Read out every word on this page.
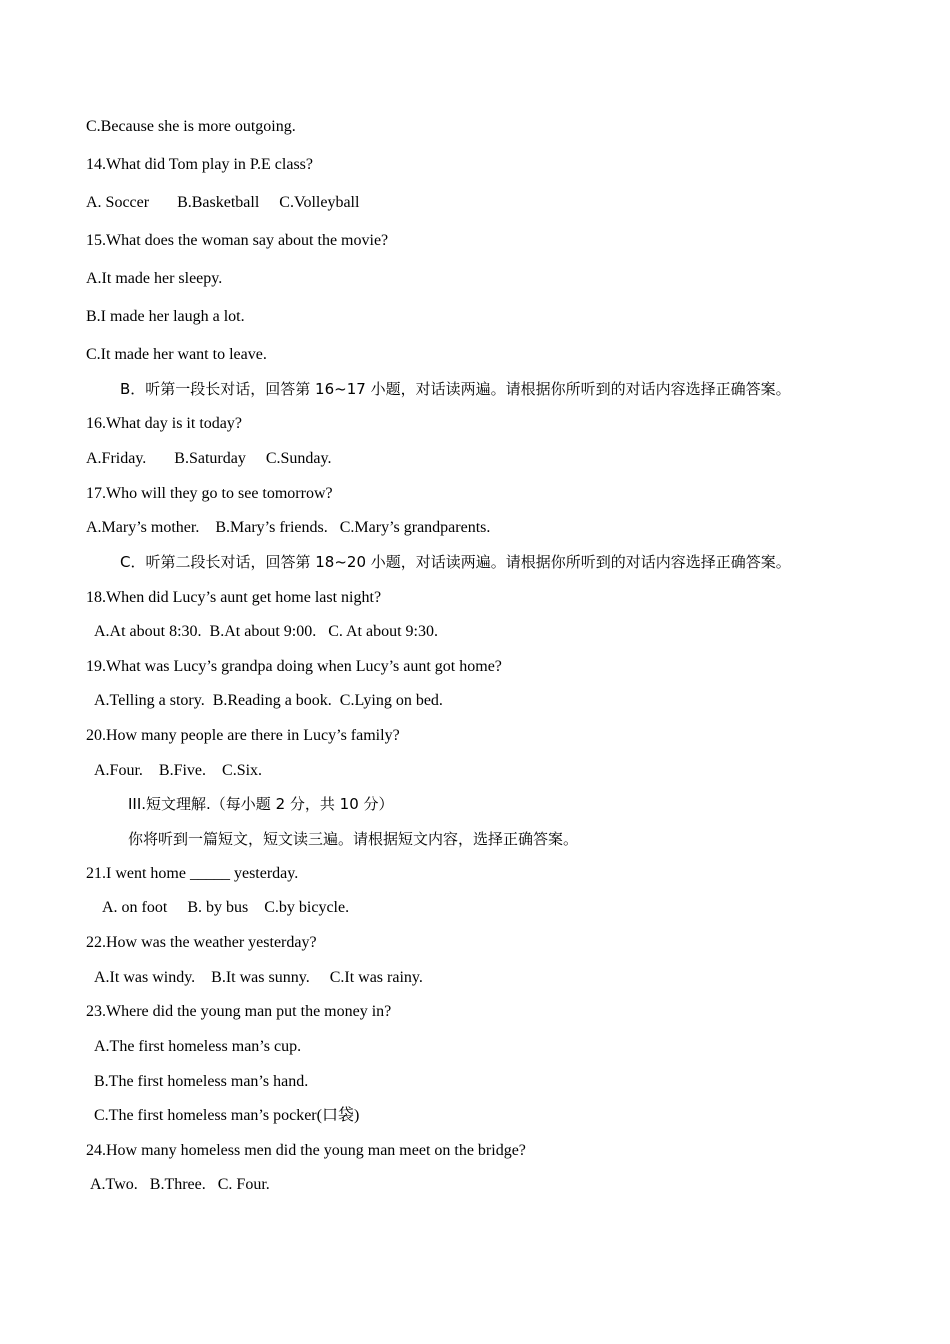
C.Because she is more outgoing.
14.What did Tom play in P.E class?
A. Soccer       B.Basketball     C.Volleyball
15.What does the woman say about the movie?
A.It made her sleepy.
B.I made her laugh a lot.
C.It made her want to leave.
B．听第一段长对话，回答第 16~17 小题，对话读两遍。请根据你所听到的对话内容选择正确答案。
16.What day is it today?
A.Friday.       B.Saturday     C.Sunday.
17.Who will they go to see tomorrow?
A.Mary’s mother.    B.Mary’s friends.   C.Mary’s grandparents.
C．听第二段长对话，回答第 18~20 小题，对话读两遍。请根据你所听到的对话内容选择正确答案。
18.When did Lucy’s aunt get home last night?
A.At about 8:30.  B.At about 9:00.   C. At about 9:30.
19.What was Lucy’s grandpa doing when Lucy’s aunt got home?
A.Telling a story.  B.Reading a book.  C.Lying on bed.
20.How many people are there in Lucy’s family?
A.Four.    B.Five.    C.Six.
III.短文理解.（每小题 2 分，共 10 分）
你将听到一篇短文，短文读三遍。请根据短文内容，选择正确答案。
21.I went home _____ yesterday.
A. on foot     B. by bus    C.by bicycle.
22.How was the weather yesterday?
A.It was windy.    B.It was sunny.     C.It was rainy.
23.Where did the young man put the money in?
A.The first homeless man’s cup.
B.The first homeless man’s hand.
C.The first homeless man’s pocker(口袋)
24.How many homeless men did the young man meet on the bridge?
A.Two.   B.Three.   C. Four.
